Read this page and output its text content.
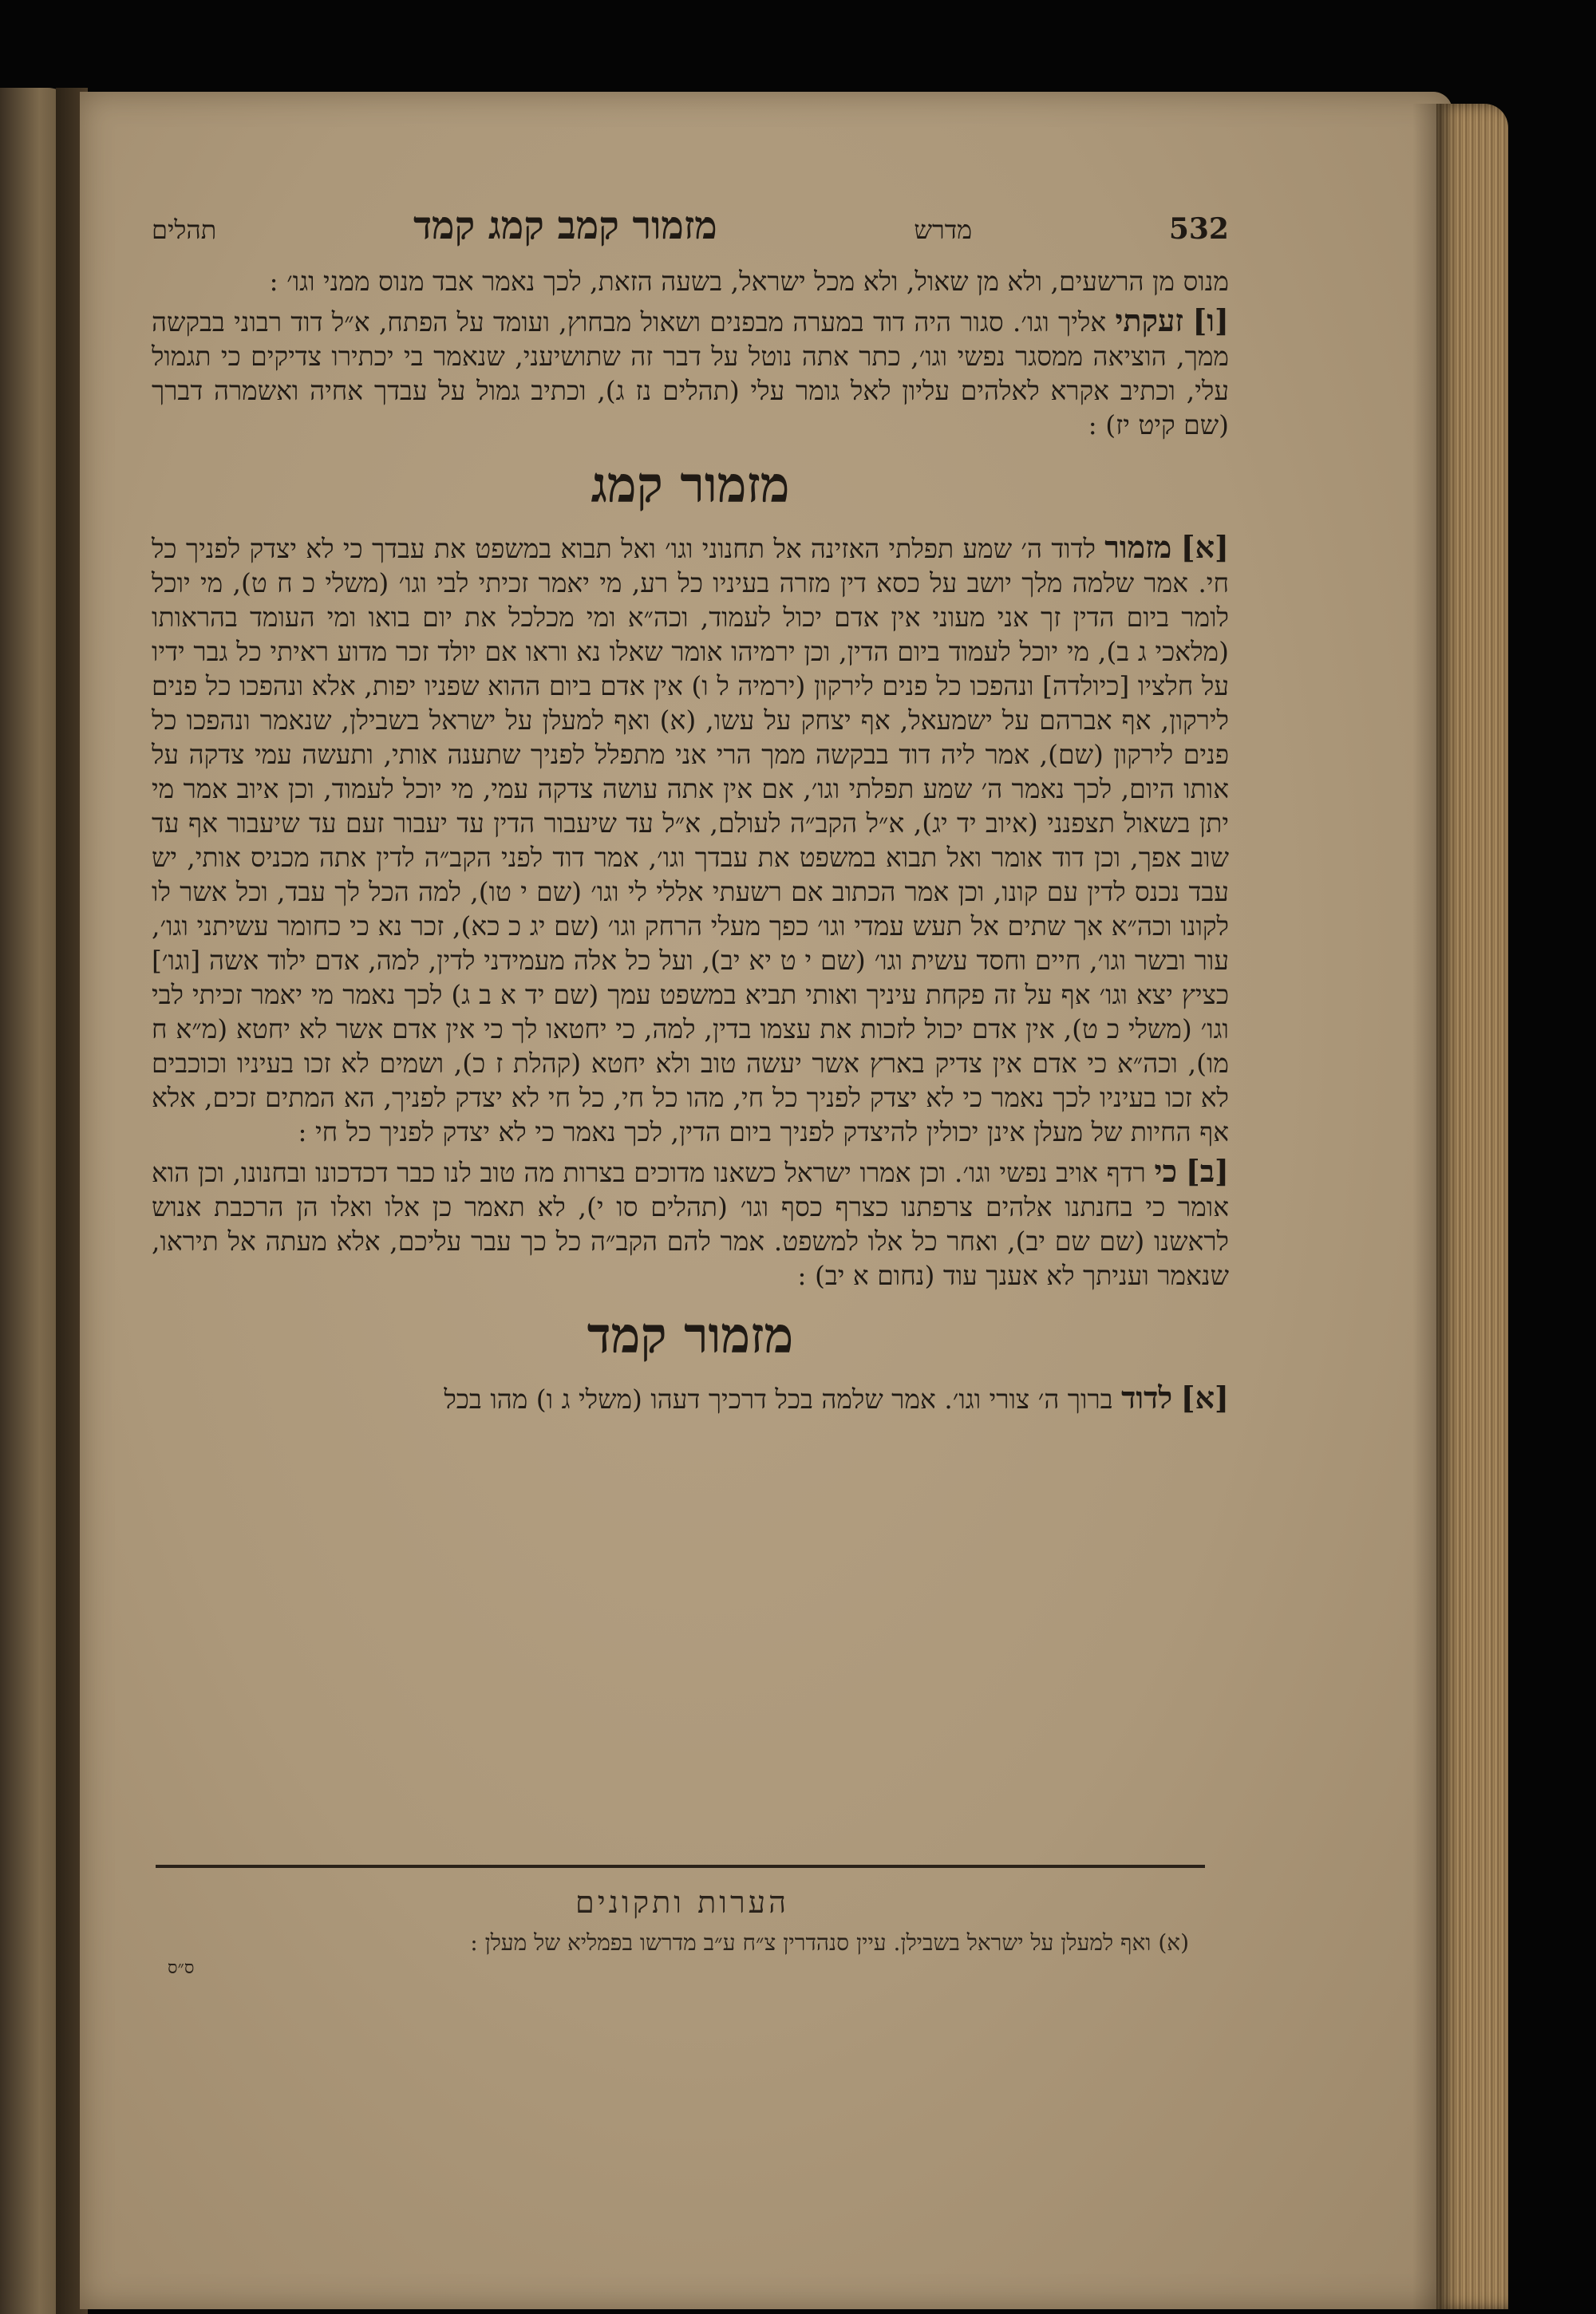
תהלים	מזמור קמב קמג קמד	מדרש	532

מנוס מן הרשעים, ולא מן שאול, ולא מכל ישראל, בשעה הזאת, לכך נאמר אבד מנוס ממני וגו׳ :

[ו] זעקתי אליך וגו׳. סגור היה דוד במערה מבפנים ושאול מבחוץ, ועומד על הפתח, א״ל דוד רבוני בבקשה ממך, הוציאה ממסגר נפשי וגו׳, כתר אתה נוטל על דבר זה שתושיעני, שנאמר בי יכתירו צדיקים כי תגמול עלי, וכתיב אקרא לאלהים עליון לאל גומר עלי (תהלים נז ג), וכתיב גמול על עבדך אחיה ואשמרה דברך (שם קיט יז) :

מזמור קמג

[א] מזמור לדוד ה׳ שמע תפלתי האזינה אל תחנוני וגו׳ ואל תבוא במשפט את עבדך כי לא יצדק לפניך כל חי. אמר שלמה מלך יושב על כסא דין מזרה בעיניו כל רע, מי יאמר זכיתי לבי וגו׳ (משלי כ ח ט), מי יוכל לומר ביום הדין זך אני מעוני אין אדם יכול לעמוד, וכה״א ומי מכלכל את יום בואו ומי העומד בהראותו (מלאכי ג ב), מי יוכל לעמוד ביום הדין, וכן ירמיהו אומר שאלו נא וראו אם יולד זכר מדוע ראיתי כל גבר ידיו על חלציו [כיולדה] ונהפכו כל פנים לירקון (ירמיה ל ו) אין אדם ביום ההוא שפניו יפות, אלא ונהפכו כל פנים לירקון, אף אברהם על ישמעאל, אף יצחק על עשו, (א) ואף למעלן על ישראל בשבילן, שנאמר ונהפכו כל פנים לירקון (שם), אמר ליה דוד בבקשה ממך הרי אני מתפלל לפניך שתענה אותי, ותעשה עמי צדקה על אותו היום, לכך נאמר ה׳ שמע תפלתי וגו׳, אם אין אתה עושה צדקה עמי, מי יוכל לעמוד, וכן איוב אמר מי יתן בשאול תצפנני (איוב יד יג), א״ל הקב״ה לעולם, א״ל עד שיעבור הדין עד יעבור זעם עד שיעבור אף עד שוב אפך, וכן דוד אומר ואל תבוא במשפט את עבדך וגו׳, אמר דוד לפני הקב״ה לדין אתה מכניס אותי, יש עבד נכנס לדין עם קונו, וכן אמר הכתוב אם רשעתי אללי לי וגו׳ (שם י טו), למה הכל לך עבד, וכל אשר לו לקונו וכה״א אך שתים אל תעש עמדי וגו׳ כפך מעלי הרחק וגו׳ (שם יג כ כא), זכר נא כי כחומר עשיתני וגו׳, עור ובשר וגו׳, חיים וחסד עשית וגו׳ (שם י ט יא יב), ועל כל אלה מעמידני לדין, למה, אדם ילוד אשה [וגו׳] כציץ יצא וגו׳ אף על זה פקחת עיניך ואותי תביא במשפט עמך (שם יד א ב ג) לכך נאמר מי יאמר זכיתי לבי וגו׳ (משלי כ ט), אין אדם יכול לזכות את עצמו בדין, למה, כי יחטאו לך כי אין אדם אשר לא יחטא (מ״א ח מו), וכה״א כי אדם אין צדיק בארץ אשר יעשה טוב ולא יחטא (קהלת ז כ), ושמים לא זכו בעיניו וכוכבים לא זכו בעיניו לכך נאמר כי לא יצדק לפניך כל חי, מהו כל חי, כל חי לא יצדק לפניך, הא המתים זכים, אלא אף החיות של מעלן אינן יכולין להיצדק לפניך ביום הדין, לכך נאמר כי לא יצדק לפניך כל חי :

[ב] כי רדף אויב נפשי וגו׳. וכן אמרו ישראל כשאנו מדוכים בצרות מה טוב לנו כבר דכדכונו ובחנונו, וכן הוא אומר כי בחנתנו אלהים צרפתנו כצרף כסף וגו׳ (תהלים סו י), לא תאמר כן אלו ואלו הן הרכבת אנוש לראשנו (שם שם יב), ואחר כל אלו למשפט. אמר להם הקב״ה כל כך עבר עליכם, אלא מעתה אל תיראו, שנאמר ועניתך לא אענך עוד (נחום א יב) :

מזמור קמד

[א] לדוד ברוך ה׳ צורי וגו׳. אמר שלמה בכל דרכיך דעהו (משלי ג ו) מהו בכל

הערות ותקונים
(א) ואף למעלן על ישראל בשבילן. עיין סנהדרין צ״ח ע״ב מדרשו בפמליא של מעלן :
ס״ס
